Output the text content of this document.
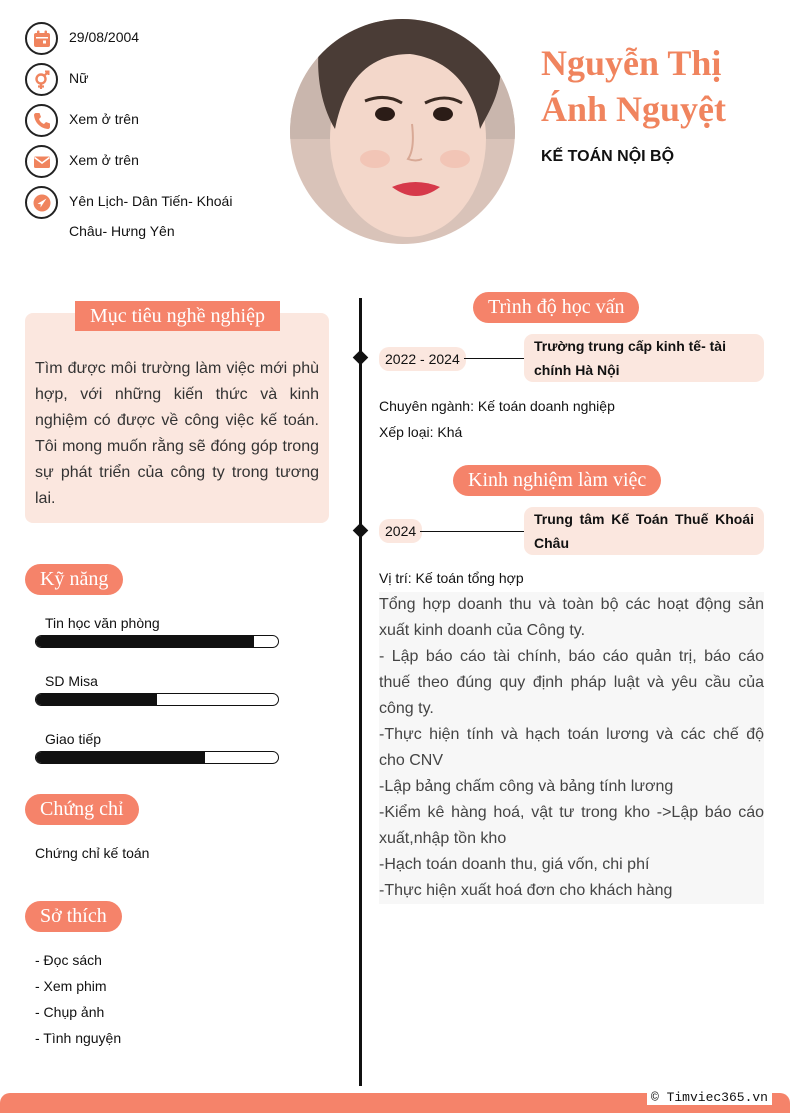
29/08/2004
Nữ
Xem ở trên
Xem ở trên
Yên Lịch- Dân Tiến- Khoái Châu- Hưng Yên
Nguyễn Thị Ánh Nguyệt
KẾ TOÁN NỘI BỘ
Mục tiêu nghề nghiệp
Tìm được môi trường làm việc mới phù hợp, với những kiến thức và kinh nghiệm có được về công việc kế toán. Tôi mong muốn rằng sẽ đóng góp trong sự phát triển của công ty trong tương lai.
Kỹ năng
Tin học văn phòng
SD Misa
Giao tiếp
Chứng chỉ
Chứng chỉ kế toán
Sở thích
- Đọc sách
- Xem phim
- Chụp ảnh
- Tình nguyện
Trình độ học vấn
2022 - 2024
Trường trung cấp kinh tế- tài chính Hà Nội
Chuyên ngành: Kế toán doanh nghiệp
Xếp loại: Khá
Kinh nghiệm làm việc
2024
Trung tâm Kế Toán Thuế Khoái Châu
Vị trí: Kế toán tổng hợp

Tổng hợp doanh thu và toàn bộ các hoạt động sản xuất kinh doanh của Công ty.

- Lập báo cáo tài chính, báo cáo quản trị, báo cáo thuế theo đúng quy định pháp luật và yêu cầu của công ty.

-Thực hiện tính và hạch toán lương và các chế độ cho CNV

-Lập bảng chấm công và bảng tính lương

-Kiểm kê hàng hoá, vật tư trong kho ->Lập báo cáo xuất,nhập tồn kho

-Hạch toán doanh thu, giá vốn, chi phí

-Thực hiện xuất hoá đơn cho khách hàng

© Timviec365.vn
